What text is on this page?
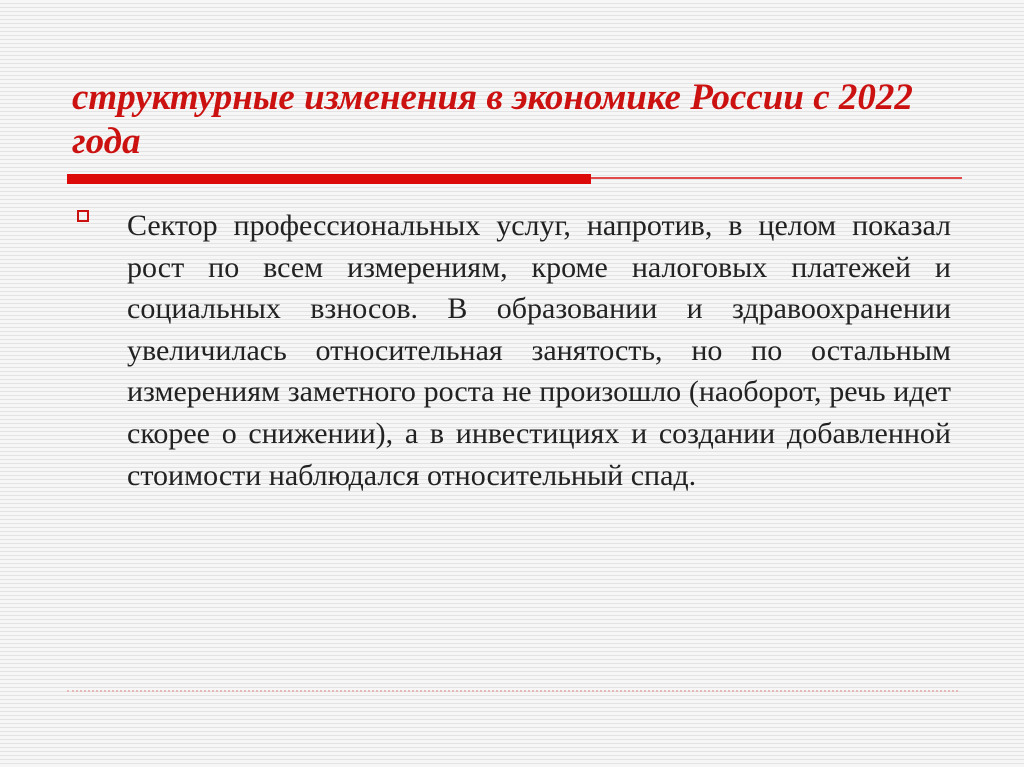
структурные изменения в экономике России с 2022 года

Сектор профессиональных услуг, напротив, в целом показал рост по всем измерениям, кроме налоговых платежей и социальных взносов. В образовании и здравоохранении увеличилась относительная занятость, но по остальным измерениям заметного роста не произошло (наоборот, речь идет скорее о снижении), а в инвестициях и создании добавленной стоимости наблюдался относительный спад.
